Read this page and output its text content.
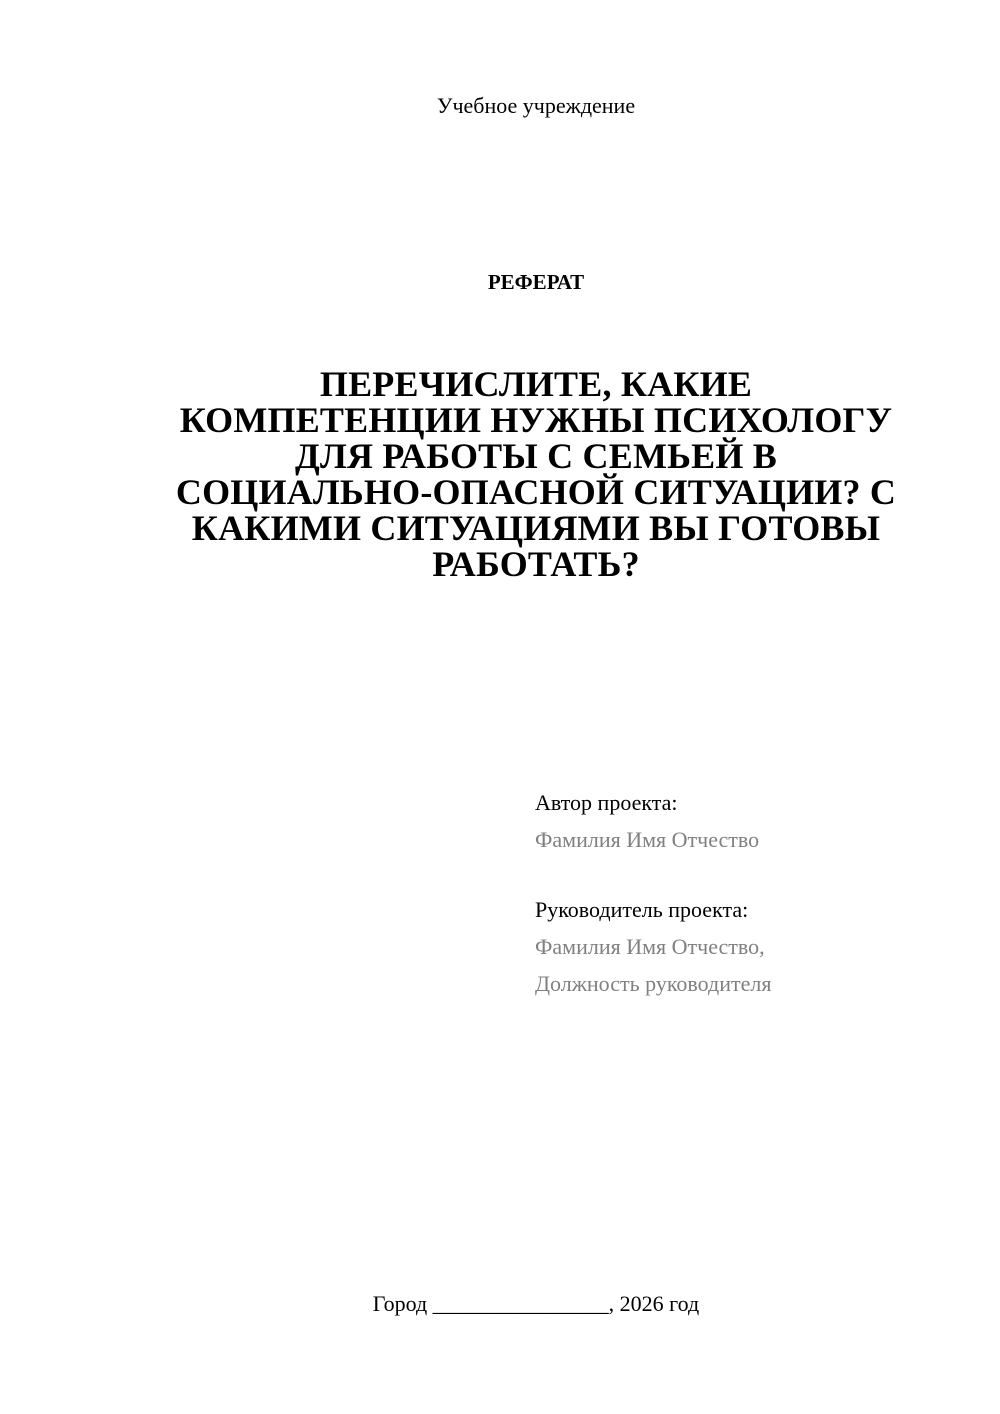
Учебное учреждение
РЕФЕРАТ
ПЕРЕЧИСЛИТЕ, КАКИЕ
КОМПЕТЕНЦИИ НУЖНЫ ПСИХОЛОГУ
ДЛЯ РАБОТЫ С СЕМЬЕЙ В
СОЦИАЛЬНО-ОПАСНОЙ СИТУАЦИИ? С
КАКИМИ СИТУАЦИЯМИ ВЫ ГОТОВЫ
РАБОТАТЬ?
Автор проекта:
Фамилия Имя Отчество
Руководитель проекта:
Фамилия Имя Отчество,
Должность руководителя
Город ________________, 2026 год
